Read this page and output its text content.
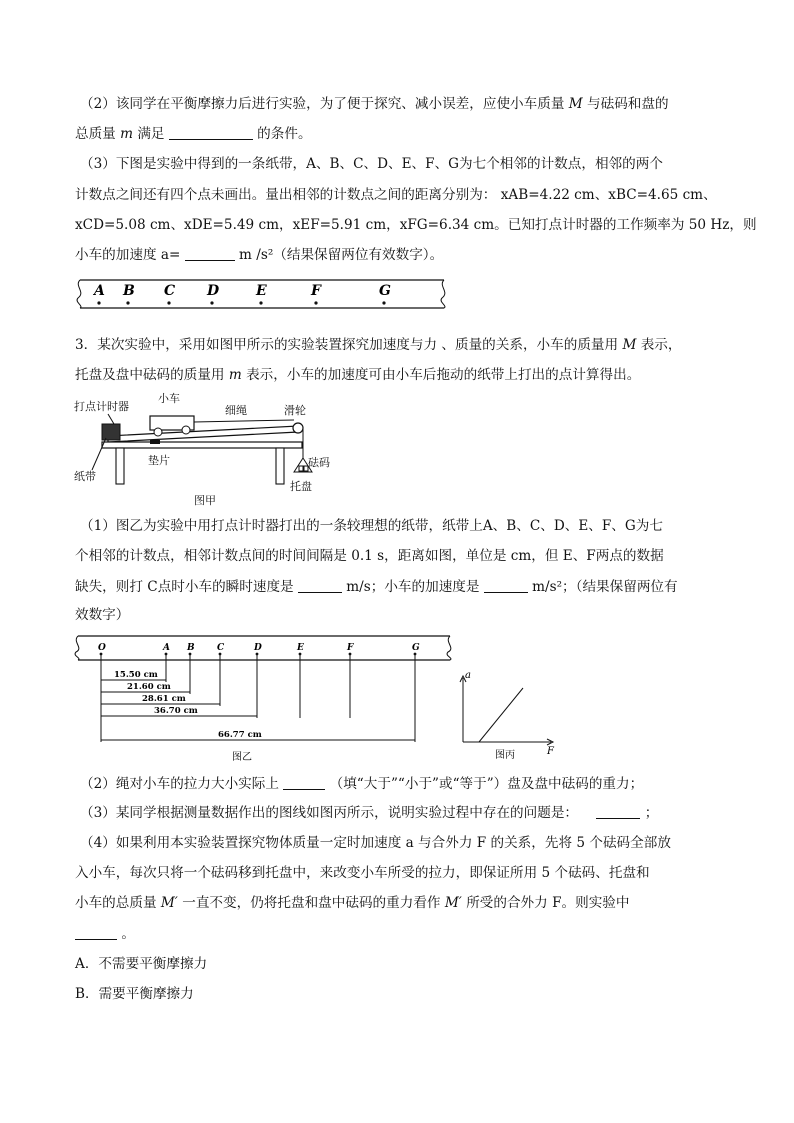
（2）该同学在平衡摩擦力后进行实验，为了便于探究、减小误差，应使小车质量 M 与砝码和盘的
总质量 m 满足	的条件。
（3）下图是实验中得到的一条纸带，A、B、C、D、E、F、G为七个相邻的计数点，相邻的两个
计数点之间还有四个点未画出。量出相邻的计数点之间的距离分别为： xAB=4.22 cm、xBC=4.65 cm、
xCD=5.08 cm、xDE=5.49 cm，xEF=5.91 cm，xFG=6.34 cm。已知打点计时器的工作频率为 50 Hz，则
小车的加速度 a=	m /s²（结果保留两位有效数字）。
A B C D	E	F	G
3．某次实验中，采用如图甲所示的实验装置探究加速度与力 、质量的关系，小车的质量用 M 表示，
托盘及盘中砝码的质量用 m 表示，小车的加速度可由小车后拖动的纸带上打出的点计算得出。
打点计时器
小车
细绳	滑轮
纸带
垫片	砝码
托盘
图甲
（1）图乙为实验中用打点计时器打出的一条较理想的纸带，纸带上A、B、C、D、E、F、G为七
个相邻的计数点，相邻计数点间的时间间隔是 0.1 s，距离如图，单位是 cm，但 E、F两点的数据
缺失，则打 C点时小车的瞬时速度是	m/s；小车的加速度是	m/s²；（结果保留两位有
效数字）
O	A B C	D	E	F	G
15.50 cm
21.60 cm
28.61 cm
36.70 cm
66.77 cm
图乙
a
F
图丙
（2）绳对小车的拉力大小实际上	（填“大于”“小于”或“等于”）盘及盘中砝码的重力；
（3）某同学根据测量数据作出的图线如图丙所示，说明实验过程中存在的问题是：	；
（4）如果利用本实验装置探究物体质量一定时加速度 a 与合外力 F 的关系，先将 5 个砝码全部放
入小车，每次只将一个砝码移到托盘中，来改变小车所受的拉力，即保证所用 5 个砝码、托盘和
小车的总质量 M′ 一直不变，仍将托盘和盘中砝码的重力看作 M′ 所受的合外力 F。则实验中
。
A．不需要平衡摩擦力
B．需要平衡摩擦力
